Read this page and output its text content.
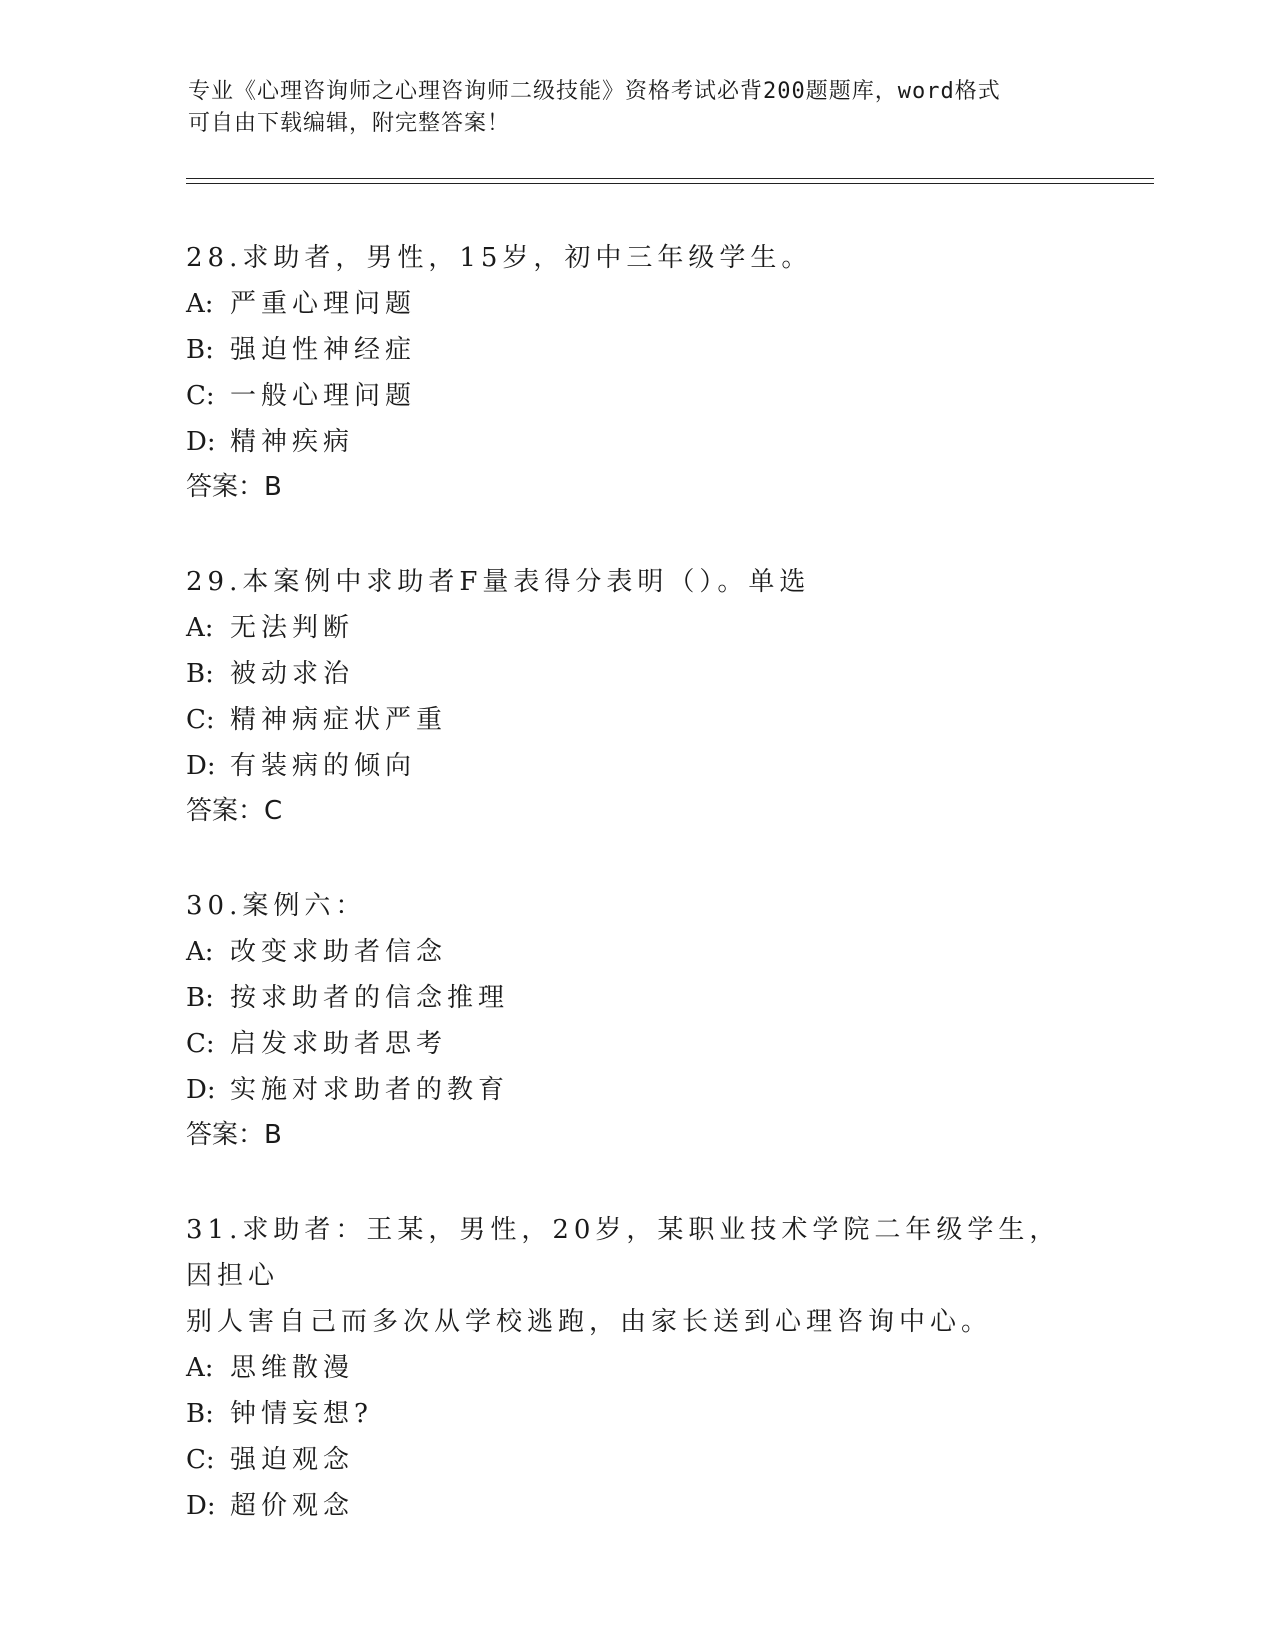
专业《心理咨询师之心理咨询师二级技能》资格考试必背200题题库，word格式
可自由下载编辑，附完整答案！

28.求助者，男性，15岁，初中三年级学生。

A: 严重心理问题
B: 强迫性神经症
C: 一般心理问题
D: 精神疾病

答案：B

29.本案例中求助者F量表得分表明（）。单选

A: 无法判断
B: 被动求治
C: 精神病症状严重
D: 有装病的倾向

答案：C

30.案例六：

A: 改变求助者信念
B: 按求助者的信念推理
C: 启发求助者思考
D: 实施对求助者的教育

答案：B

31.求助者：王某，男性，20岁，某职业技术学院二年级学生，因担心

别人害自己而多次从学校逃跑，由家长送到心理咨询中心。

A: 思维散漫
B: 钟情妄想?
C: 强迫观念
D: 超价观念
